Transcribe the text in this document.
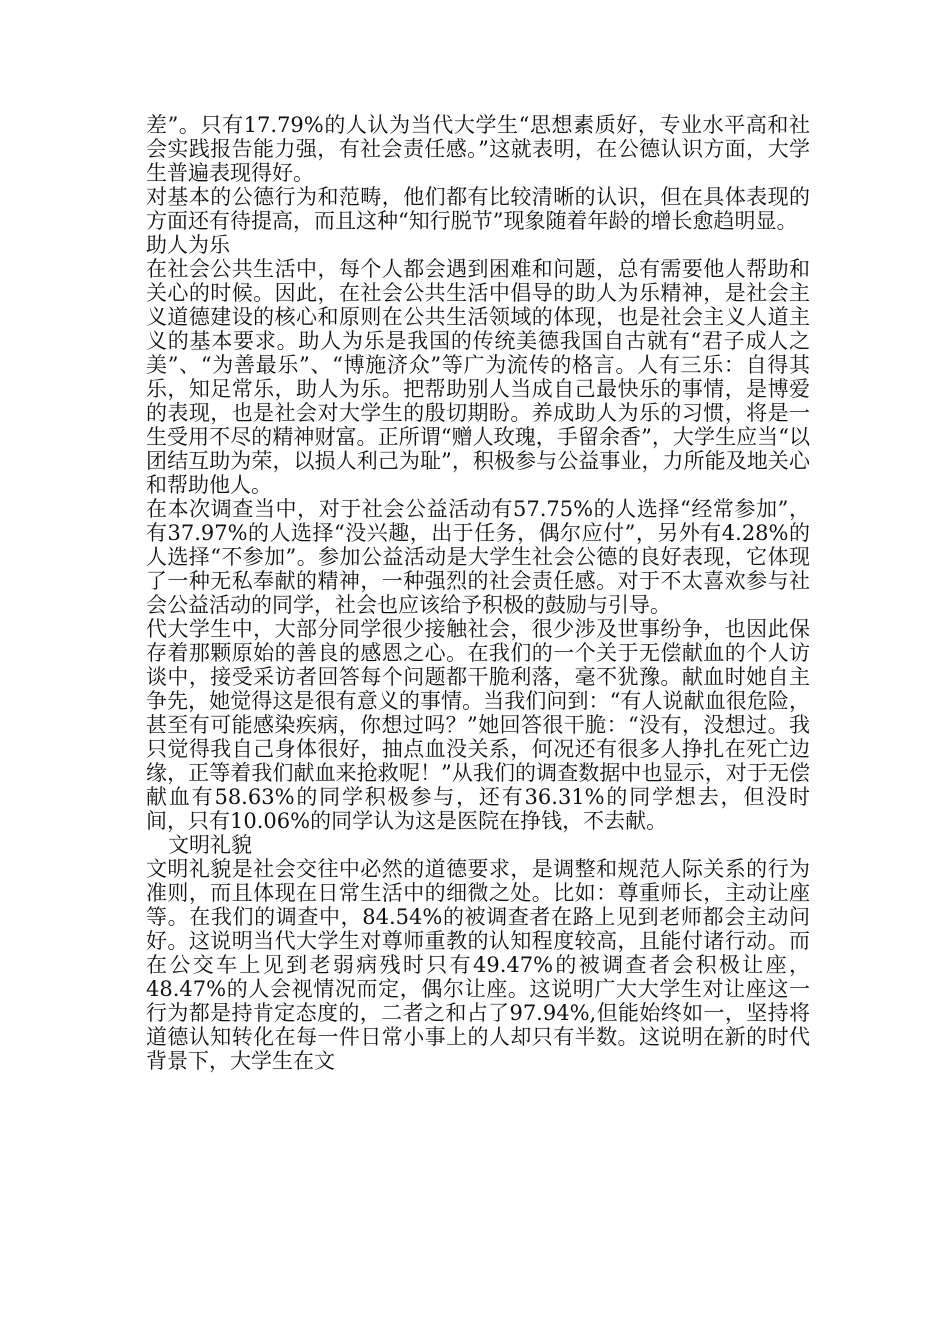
差”。只有17.79%的人认为当代大学生“思想素质好，专业水平高和社会实践报告能力强，有社会责任感。”这就表明，在公德认识方面，大学生普遍表现得好。

对基本的公德行为和范畴，他们都有比较清晰的认识，但在具体表现的方面还有待提高，而且这种“知行脱节”现象随着年龄的增长愈趋明显。

助人为乐

在社会公共生活中，每个人都会遇到困难和问题，总有需要他人帮助和关心的时候。因此，在社会公共生活中倡导的助人为乐精神，是社会主义道德建设的核心和原则在公共生活领域的体现，也是社会主义人道主义的基本要求。助人为乐是我国的传统美德我国自古就有“君子成人之美”、“为善最乐”、“博施济众”等广为流传的格言。人有三乐：自得其乐，知足常乐，助人为乐。把帮助别人当成自己最快乐的事情，是博爱的表现，也是社会对大学生的殷切期盼。养成助人为乐的习惯，将是一生受用不尽的精神财富。正所谓“赠人玫瑰，手留余香”，大学生应当“以团结互助为荣，以损人利己为耻”，积极参与公益事业，力所能及地关心和帮助他人。

在本次调查当中，对于社会公益活动有57.75%的人选择“经常参加”，有37.97%的人选择“没兴趣，出于任务，偶尔应付”，另外有4.28%的人选择“不参加”。参加公益活动是大学生社会公德的良好表现，它体现了一种无私奉献的精神，一种强烈的社会责任感。对于不太喜欢参与社会公益活动的同学，社会也应该给予积极的鼓励与引导。

代大学生中，大部分同学很少接触社会，很少涉及世事纷争，也因此保存着那颗原始的善良的感恩之心。在我们的一个关于无偿献血的个人访谈中，接受采访者回答每个问题都干脆利落，毫不犹豫。献血时她自主争先，她觉得这是很有意义的事情。当我们问到：“有人说献血很危险，甚至有可能感染疾病，你想过吗？”她回答很干脆：“没有，没想过。我只觉得我自己身体很好，抽点血没关系，何况还有很多人挣扎在死亡边缘，正等着我们献血来抢救呢！”从我们的调查数据中也显示，对于无偿献血有58.63%的同学积极参与，还有36.31%的同学想去，但没时间，只有10.06%的同学认为这是医院在挣钱，不去献。

文明礼貌

文明礼貌是社会交往中必然的道德要求，是调整和规范人际关系的行为准则，而且体现在日常生活中的细微之处。比如：尊重师长，主动让座等。在我们的调查中，84.54%的被调查者在路上见到老师都会主动问好。这说明当代大学生对尊师重教的认知程度较高，且能付诸行动。而在公交车上见到老弱病残时只有49.47%的被调查者会积极让座，48.47%的人会视情况而定，偶尔让座。这说明广大大学生对让座这一行为都是持肯定态度的，二者之和占了97.94%,但能始终如一，坚持将道德认知转化在每一件日常小事上的人却只有半数。这说明在新的时代背景下，大学生在文
